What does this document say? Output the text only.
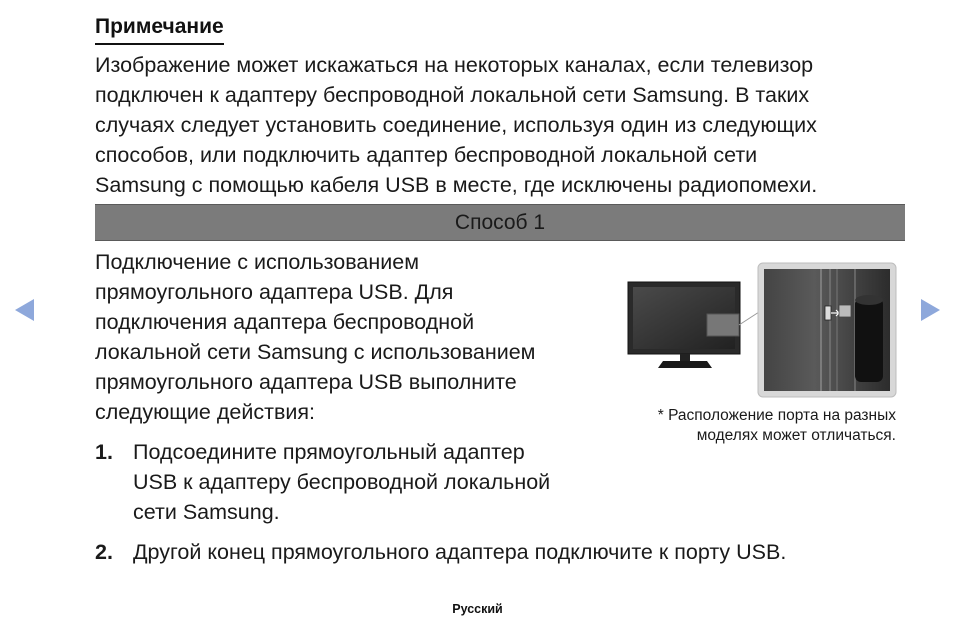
Примечание
Изображение может искажаться на некоторых каналах, если телевизор
подключен к адаптеру беспроводной локальной сети Samsung. В таких
случаях следует установить соединение, используя один из следующих
способов, или подключить адаптер беспроводной локальной сети
Samsung с помощью кабеля USB в месте, где исключены радиопомехи.
Способ 1
Подключение с использованием
прямоугольного адаптера USB. Для
подключения адаптера беспроводной
локальной сети Samsung с использованием
прямоугольного адаптера USB выполните
следующие действия:
1. Подсоедините прямоугольный адаптер
USB к адаптеру беспроводной локальной
сети Samsung.
2. Другой конец прямоугольного адаптера подключите к порту USB.
* Расположение порта на разных
моделях может отличаться.
Русский
